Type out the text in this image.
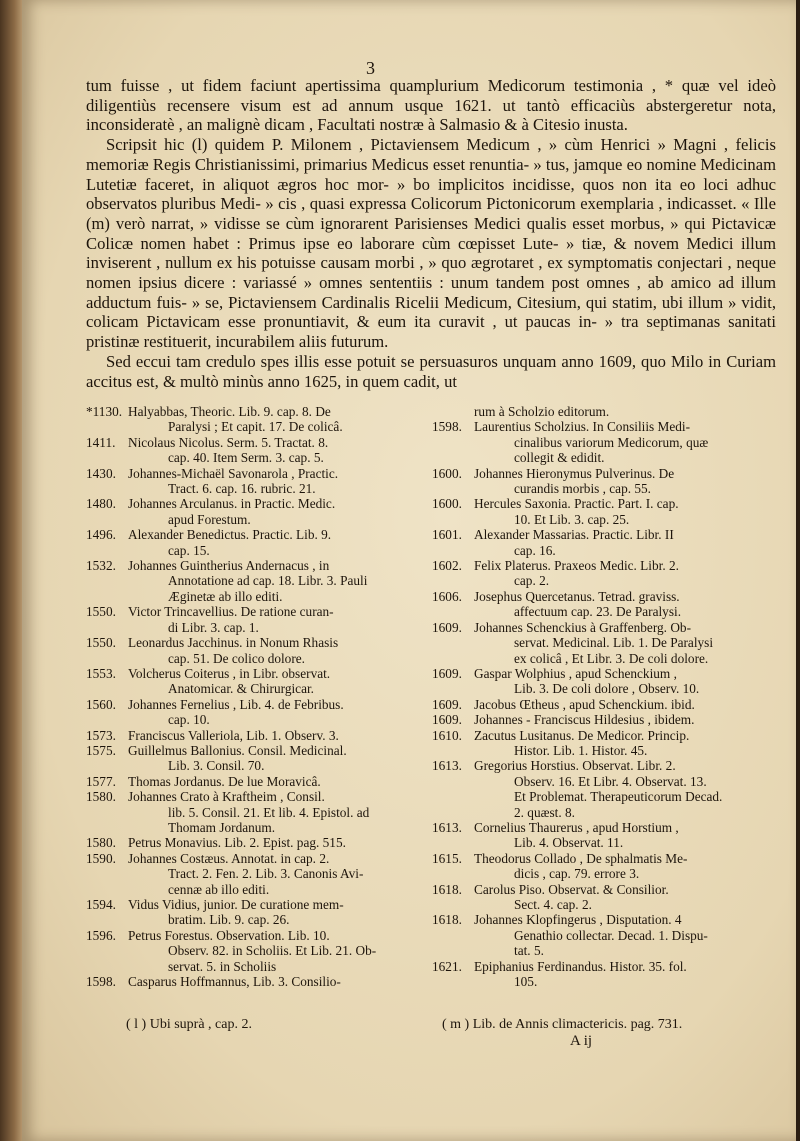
3

tum fuisse , ut fidem faciunt apertissima quamplurium Medicorum testimonia , * quæ vel ideò diligentiùs recensere visum est ad annum usque 1621. ut tantò efficaciùs abstergeretur nota, inconsideratè , an malignè dicam , Facultati nostræ à Salmasio & à Citesio inusta.

Scripsit hic (l) quidem P. Milonem , Pictaviensem Medicum , » cùm Henrici » Magni , felicis memoriæ Regis Christianissimi, primarius Medicus esset renuntia- » tus, jamque eo nomine Medicinam Lutetiæ faceret, in aliquot ægros hoc mor- » bo implicitos incidisse, quos non ita eo loci adhuc observatos pluribus Medi- » cis , quasi expressa Colicorum Pictonicorum exemplaria , indicasset. « Ille (m) verò narrat, » vidisse se cùm ignorarent Parisienses Medici qualis esset morbus, » qui Pictavicæ Colicæ nomen habet : Primus ipse eo laborare cùm cœpisset Lute- » tiæ, & novem Medici illum inviserent , nullum ex his potuisse causam morbi , » quo ægrotaret , ex symptomatis conjectari , neque nomen ipsius dicere : variassé » omnes sententiis : unum tandem post omnes , ab amico ad illum adductum fuis- » se, Pictaviensem Cardinalis Ricelii Medicum, Citesium, qui statim, ubi illum » vidit, colicam Pictavicam esse pronuntiavit, & eum ita curavit , ut paucas in- » tra septimanas sanitati pristinæ restituerit, incurabilem aliis futurum.

Sed eccui tam credulo spes illis esse potuit se persuasuros unquam anno 1609, quo Milo in Curiam accitus est, & multò minùs anno 1625, in quem cadit, ut

*1130. Halyabbas, Theoric. Lib. 9. cap. 8. De
Paralysi ; Et capit. 17. De colicâ.
1411. Nicolaus Nicolus. Serm. 5. Tractat. 8.
cap. 40. Item Serm. 3. cap. 5.
1430. Johannes-Michaël Savonarola , Practic.
Tract. 6. cap. 16. rubric. 21.
1480. Johannes Arculanus. in Practic. Medic.
apud Forestum.
1496. Alexander Benedictus. Practic. Lib. 9.
cap. 15.
1532. Johannes Guintherius Andernacus , in
Annotatione ad cap. 18. Libr. 3. Pauli
Æginetæ ab illo editi.
1550. Victor Trincavellius. De ratione curan-
di Libr. 3. cap. 1.
1550. Leonardus Jacchinus. in Nonum Rhasis
cap. 51. De colico dolore.
1553. Volcherus Coiterus , in Libr. observat.
Anatomicar. & Chirurgicar.
1560. Johannes Fernelius , Lib. 4. de Febribus.
cap. 10.
1573. Franciscus Valleriola, Lib. 1. Observ. 3.
1575. Guillelmus Ballonius. Consil. Medicinal.
Lib. 3. Consil. 70.
1577. Thomas Jordanus. De lue Moravicâ.
1580. Johannes Crato à Kraftheim , Consil.
lib. 5. Consil. 21. Et lib. 4. Epistol. ad
Thomam Jordanum.
1580. Petrus Monavius. Lib. 2. Epist. pag. 515.
1590. Johannes Costæus. Annotat. in cap. 2.
Tract. 2. Fen. 2. Lib. 3. Canonis Avi-
cennæ ab illo editi.
1594. Vidus Vidius, junior. De curatione mem-
bratim. Lib. 9. cap. 26.
1596. Petrus Forestus. Observation. Lib. 10.
Observ. 82. in Scholiis. Et Lib. 21. Ob-
servat. 5. in Scholiis
1598. Casparus Hoffmannus, Lib. 3. Consilio-
rum à Scholzio editorum.
1598. Laurentius Scholzius. In Consiliis Medi-
cinalibus variorum Medicorum, quæ
collegit & edidit.
1600. Johannes Hieronymus Pulverinus. De
curandis morbis , cap. 55.
1600. Hercules Saxonia. Practic. Part. I. cap.
10. Et Lib. 3. cap. 25.
1601. Alexander Massarias. Practic. Libr. II
cap. 16.
1602. Felix Platerus. Praxeos Medic. Libr. 2.
cap. 2.
1606. Josephus Quercetanus. Tetrad. graviss.
affectuum cap. 23. De Paralysi.
1609. Johannes Schenckius à Graffenberg. Ob-
servat. Medicinal. Lib. 1. De Paralysi
ex colicâ , Et Libr. 3. De coli dolore.
1609. Gaspar Wolphius , apud Schenckium ,
Lib. 3. De coli dolore , Observ. 10.
1609. Jacobus Œtheus , apud Schenckium. ibid.
1609. Johannes - Franciscus Hildesius , ibidem.
1610. Zacutus Lusitanus. De Medicor. Princip.
Histor. Lib. 1. Histor. 45.
1613. Gregorius Horstius. Observat. Libr. 2.
Observ. 16. Et Libr. 4. Observat. 13.
Et Problemat. Therapeuticorum Decad.
2. quæst. 8.
1613. Cornelius Thaurerus , apud Horstium ,
Lib. 4. Observat. 11.
1615. Theodorus Collado , De sphalmatis Me-
dicis , cap. 79. errore 3.
1618. Carolus Piso. Observat. & Consilior.
Sect. 4. cap. 2.
1618. Johannes Klopfingerus , Disputation. 4
Genathio collectar. Decad. 1. Dispu-
tat. 5.
1621. Epiphanius Ferdinandus. Histor. 35. fol.
105.
( l ) Ubi suprà , cap. 2.	( m ) Lib. de Annis climactericis. pag. 731.
A ij
